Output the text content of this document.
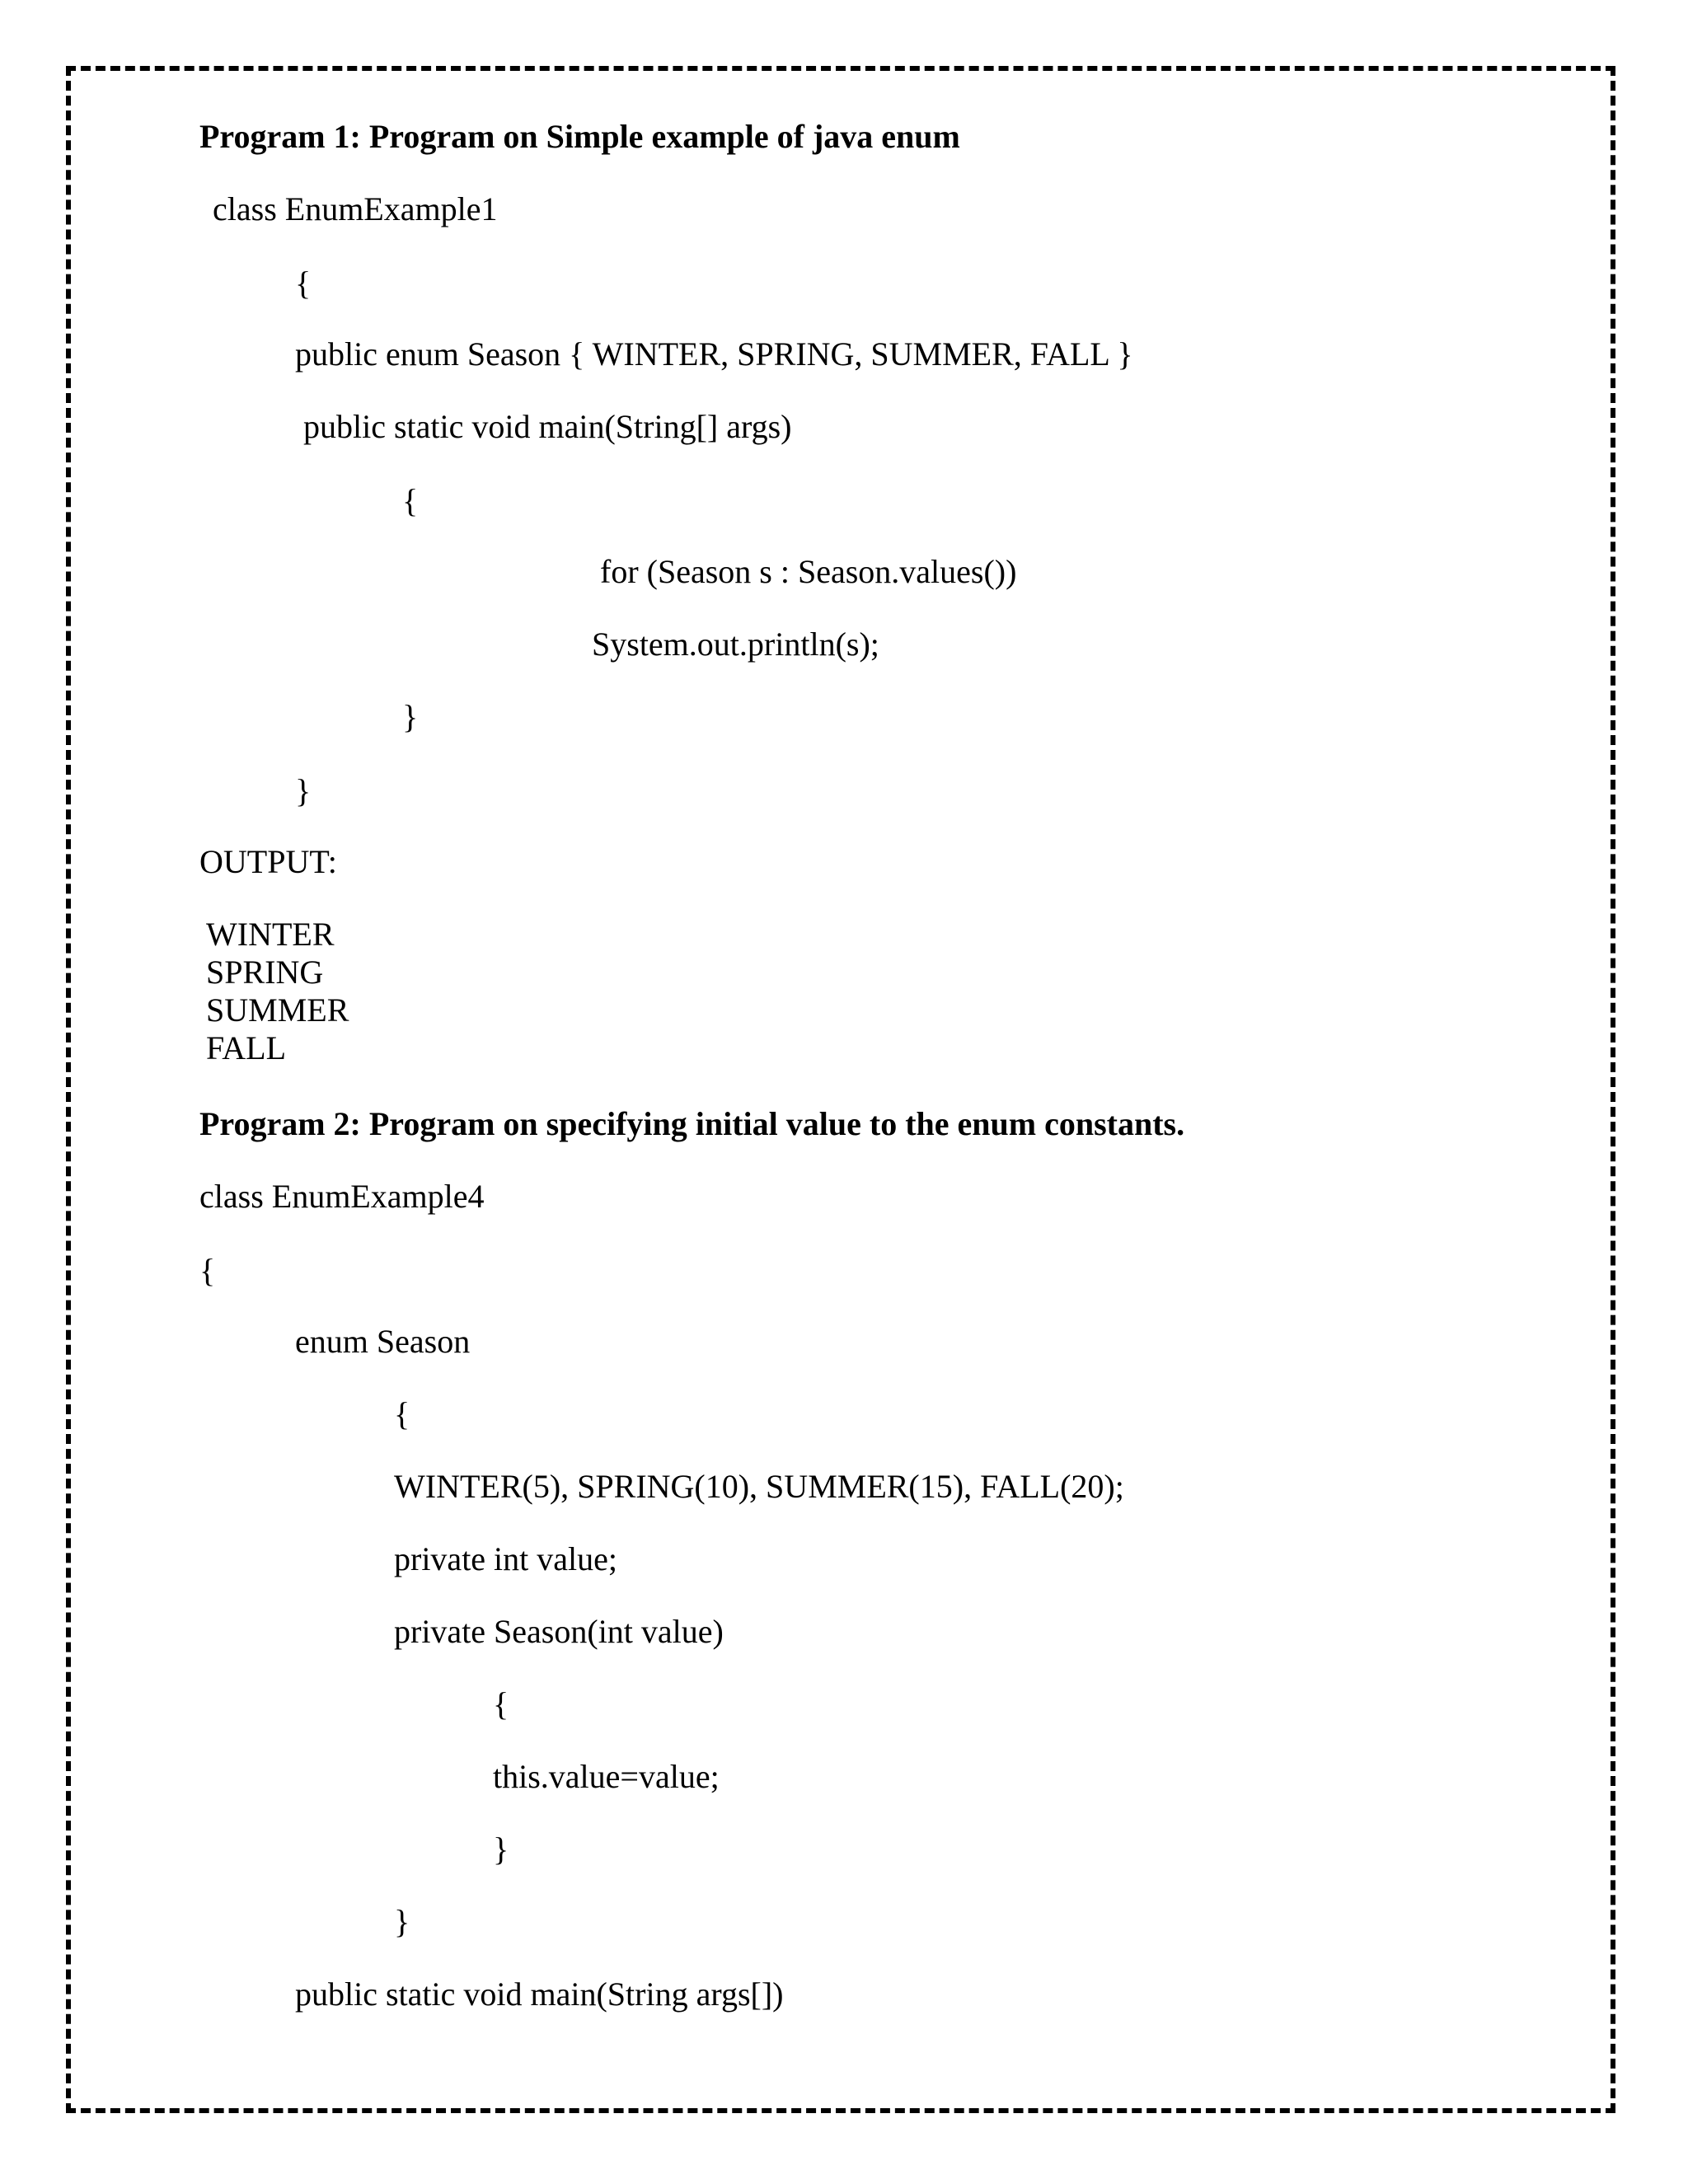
Program 1: Program on Simple example of java enum
class EnumExample1
{
public enum Season { WINTER, SPRING, SUMMER, FALL }
public static void main(String[] args)
{
for (Season s : Season.values())
System.out.println(s);
}
}
OUTPUT:
WINTER
SPRING
SUMMER
FALL
Program 2: Program on specifying initial value to the enum constants.
class EnumExample4
{
enum Season
{
WINTER(5), SPRING(10), SUMMER(15), FALL(20);
private int value;
private Season(int value)
{
this.value=value;
}
}
public static void main(String args[])
